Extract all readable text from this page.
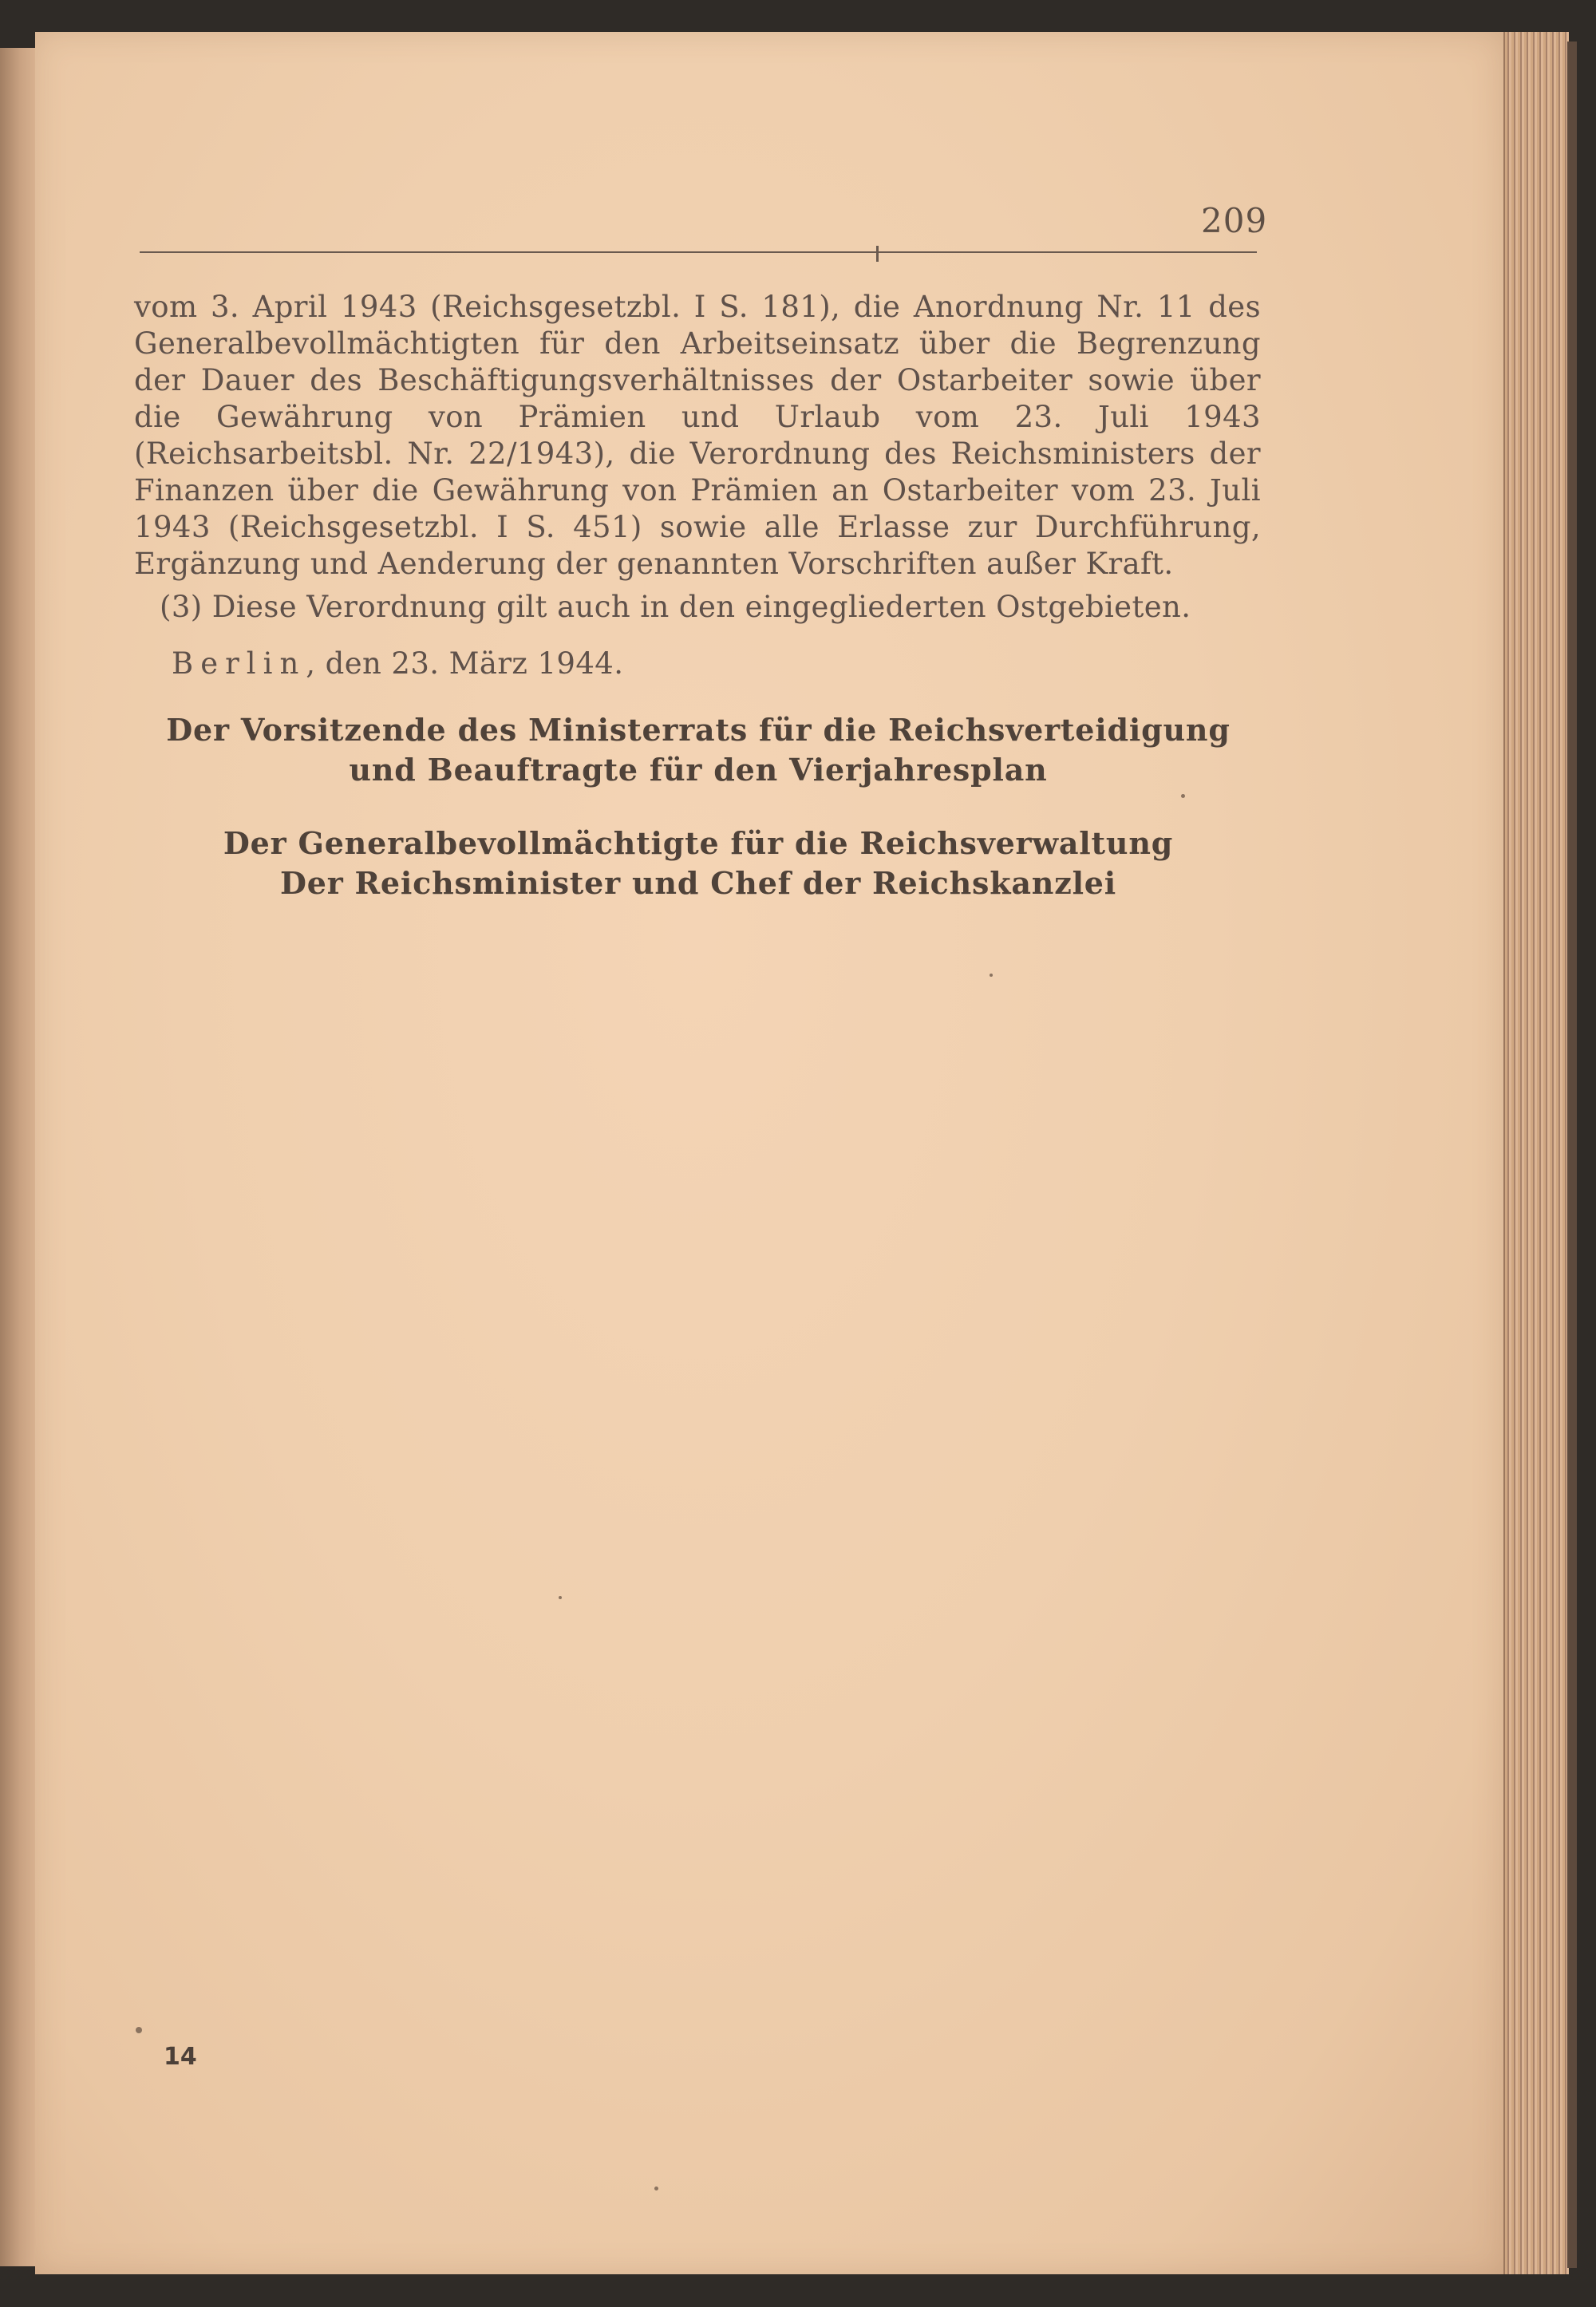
209

vom 3. April 1943 (Reichsgesetzbl. I S. 181), die Anordnung Nr. 11 des Generalbevollmächtigten für den Arbeitseinsatz über die Begrenzung der Dauer des Beschäftigungsverhältnisses der Ostarbeiter sowie über die Gewährung von Prämien und Urlaub vom 23. Juli 1943 (Reichsarbeitsbl. Nr. 22/1943), die Verordnung des Reichsministers der Finanzen über die Gewährung von Prämien an Ostarbeiter vom 23. Juli 1943 (Reichsgesetzbl. I S. 451) sowie alle Erlasse zur Durchführung, Ergänzung und Aenderung der genannten Vorschriften außer Kraft.

(3) Diese Verordnung gilt auch in den eingegliederten Ostgebieten.

Berlin, den 23. März 1944.
Der Vorsitzende des Ministerrats für die Reichsverteidigung
und Beauftragte für den Vierjahresplan
Der Generalbevollmächtigte für die Reichsverwaltung
Der Reichsminister und Chef der Reichskanzlei
14
